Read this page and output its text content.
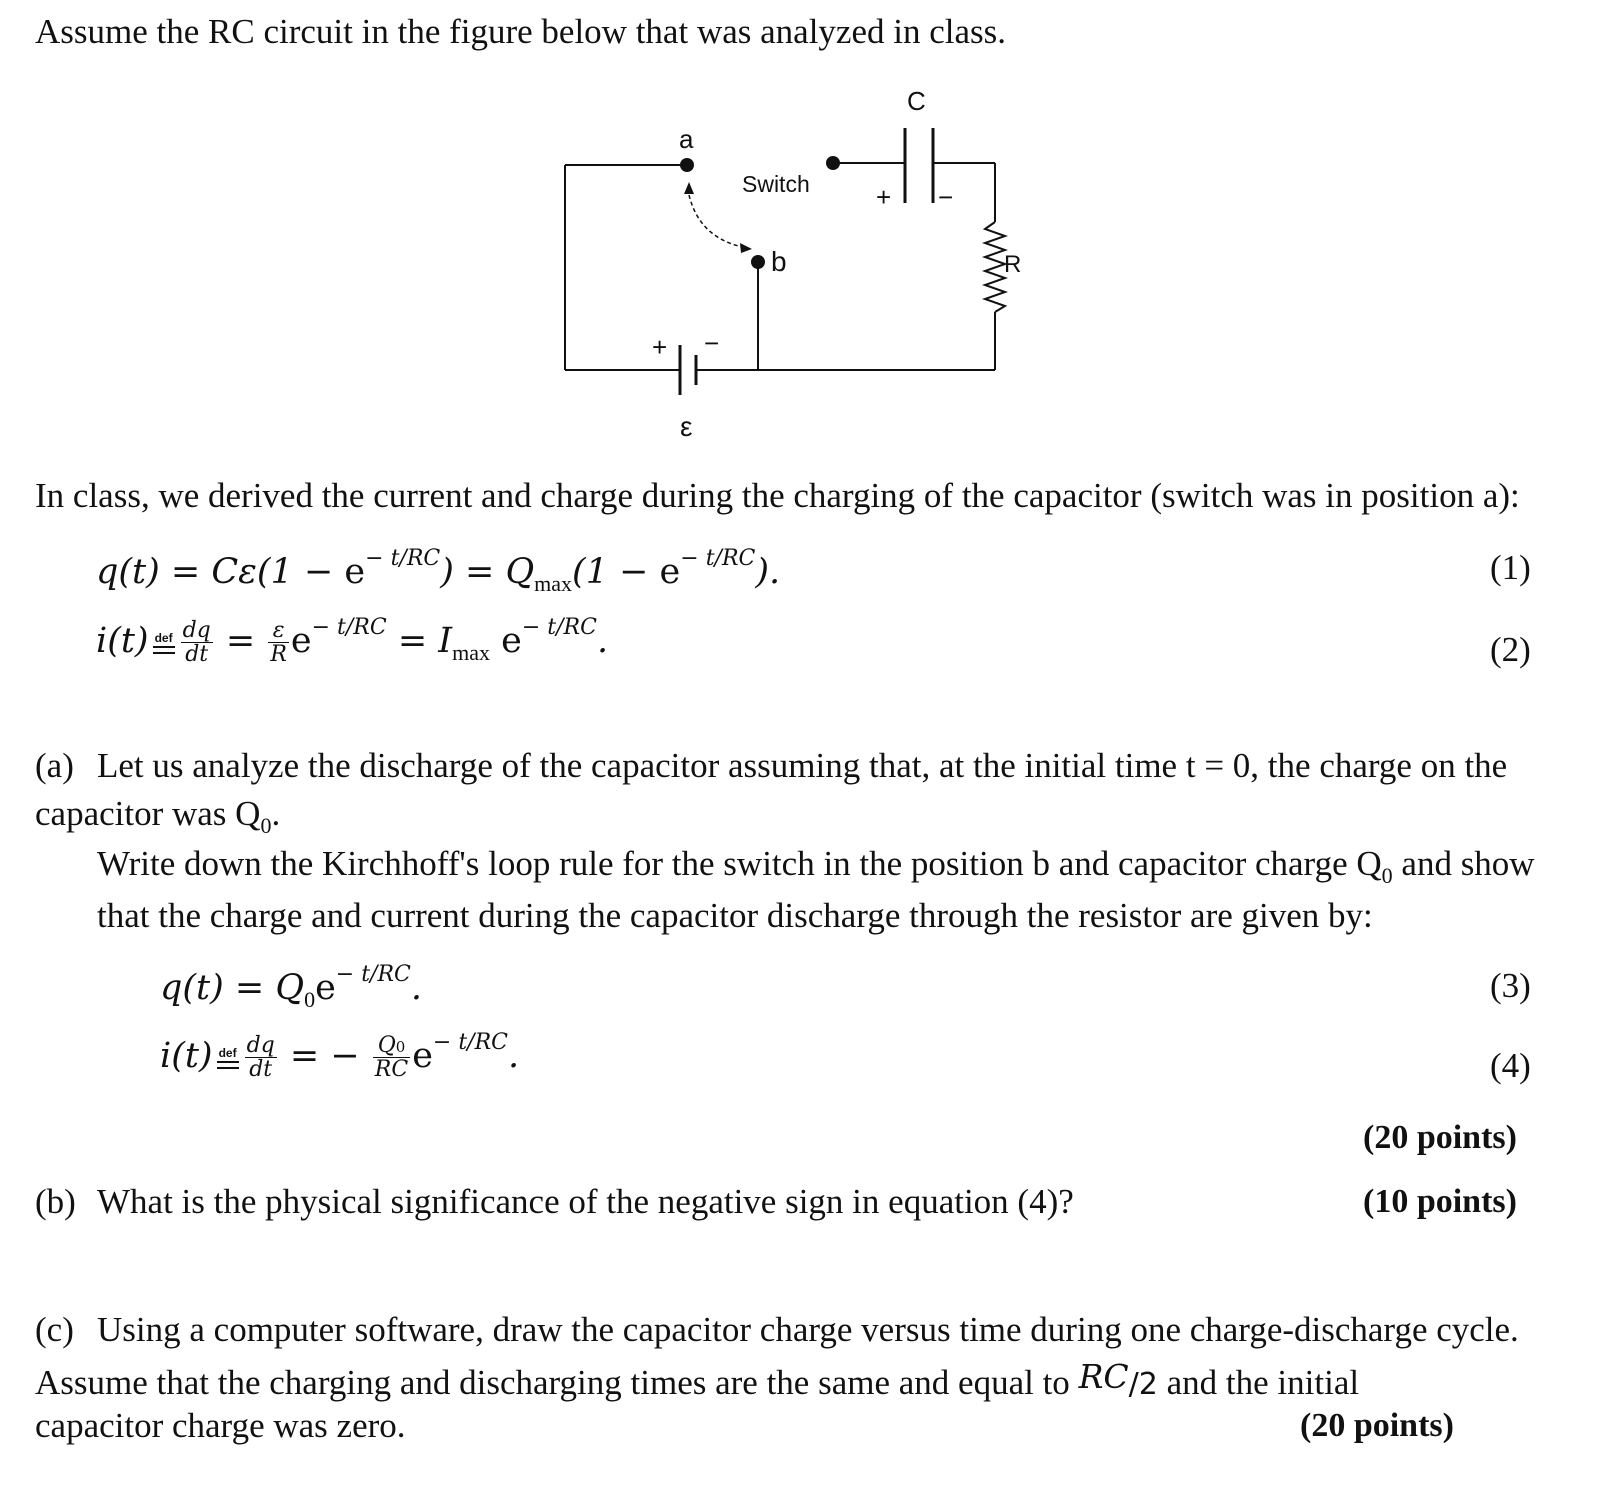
Assume the RC circuit in the figure below that was analyzed in class.
a
Switch
b
C
R
ε
+ −
+ −
In class, we derived the current and charge during the charging of the capacitor (switch was in position a):
$q(t) = C\varepsilon(1 - e^{- t/RC}) = Q_{max}(1 - e^{- t/RC})$.	(1)
i(t) def $\frac{dq}{dt} = \frac{\varepsilon}{R} e^{- t/RC} = I_{max}$ $e^{- t/RC}$.	(2)
(a) Let us analyze the discharge of the capacitor assuming that, at the initial time t = 0, the charge on the
capacitor was $Q_0$.
Write down the Kirchhoff's loop rule for the switch in the position b and capacitor charge $Q_0$ and show
that the charge and current during the capacitor discharge through the resistor are given by:
$q(t) = Q_0e^{- t/RC}$.	(3)
i(t) def $\frac{dq}{dt}$ = − $\frac{Q0}{RC} e^{- t/RC}$.	(4)
(20 points)
(b) What is the physical significance of the negative sign in equation (4)?	(10 points)
(c) Using a computer software, draw the capacitor charge versus time during one charge-discharge cycle.
Assume that the charging and discharging times are the same and equal to RC/2 and the initial
capacitor charge was zero.	(20 points)
